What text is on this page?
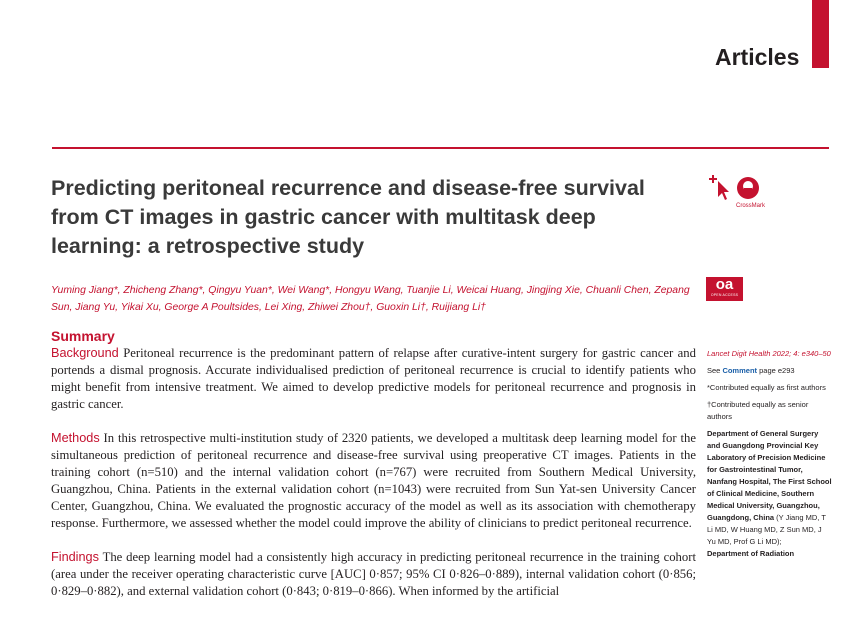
Articles
Predicting peritoneal recurrence and disease-free survival from CT images in gastric cancer with multitask deep learning: a retrospective study
CrossMark
Yuming Jiang*, Zhicheng Zhang*, Qingyu Yuan*, Wei Wang*, Hongyu Wang, Tuanjie Li, Weicai Huang, Jingjing Xie, Chuanli Chen, Zepang Sun, Jiang Yu, Yikai Xu, George A Poultsides, Lei Xing, Zhiwei Zhou†, Guoxin Li†, Ruijiang Li†
oa
OPEN ACCESS
Summary

Background Peritoneal recurrence is the predominant pattern of relapse after curative-intent surgery for gastric cancer and portends a dismal prognosis. Accurate individualised prediction of peritoneal recurrence is crucial to identify patients who might benefit from intensive treatment. We aimed to develop predictive models for peritoneal recurrence and prognosis in gastric cancer.

Methods In this retrospective multi-institution study of 2320 patients, we developed a multitask deep learning model for the simultaneous prediction of peritoneal recurrence and disease-free survival using preoperative CT images. Patients in the training cohort (n=510) and the internal validation cohort (n=767) were recruited from Southern Medical University, Guangzhou, China. Patients in the external validation cohort (n=1043) were recruited from Sun Yat-sen University Cancer Center, Guangzhou, China. We evaluated the prognostic accuracy of the model as well as its association with chemotherapy response. Furthermore, we assessed whether the model could improve the ability of clinicians to predict peritoneal recurrence.

Findings The deep learning model had a consistently high accuracy in predicting peritoneal recurrence in the training cohort (area under the receiver operating characteristic curve [AUC] 0·857; 95% CI 0·826–0·889), internal validation cohort (0·856; 0·829–0·882), and external validation cohort (0·843; 0·819–0·866). When informed by the artificial

Lancet Digit Health 2022; 4: e340–50

See Comment page e293

*Contributed equally as first authors

†Contributed equally as senior authors

Department of General Surgery and Guangdong Provincial Key Laboratory of Precision Medicine for Gastrointestinal Tumor, Nanfang Hospital, The First School of Clinical Medicine, Southern Medical University, Guangzhou, Guangdong, China (Y Jiang MD, T Li MD, W Huang MD, Z Sun MD, J Yu MD, Prof G Li MD);
Department of Radiation
